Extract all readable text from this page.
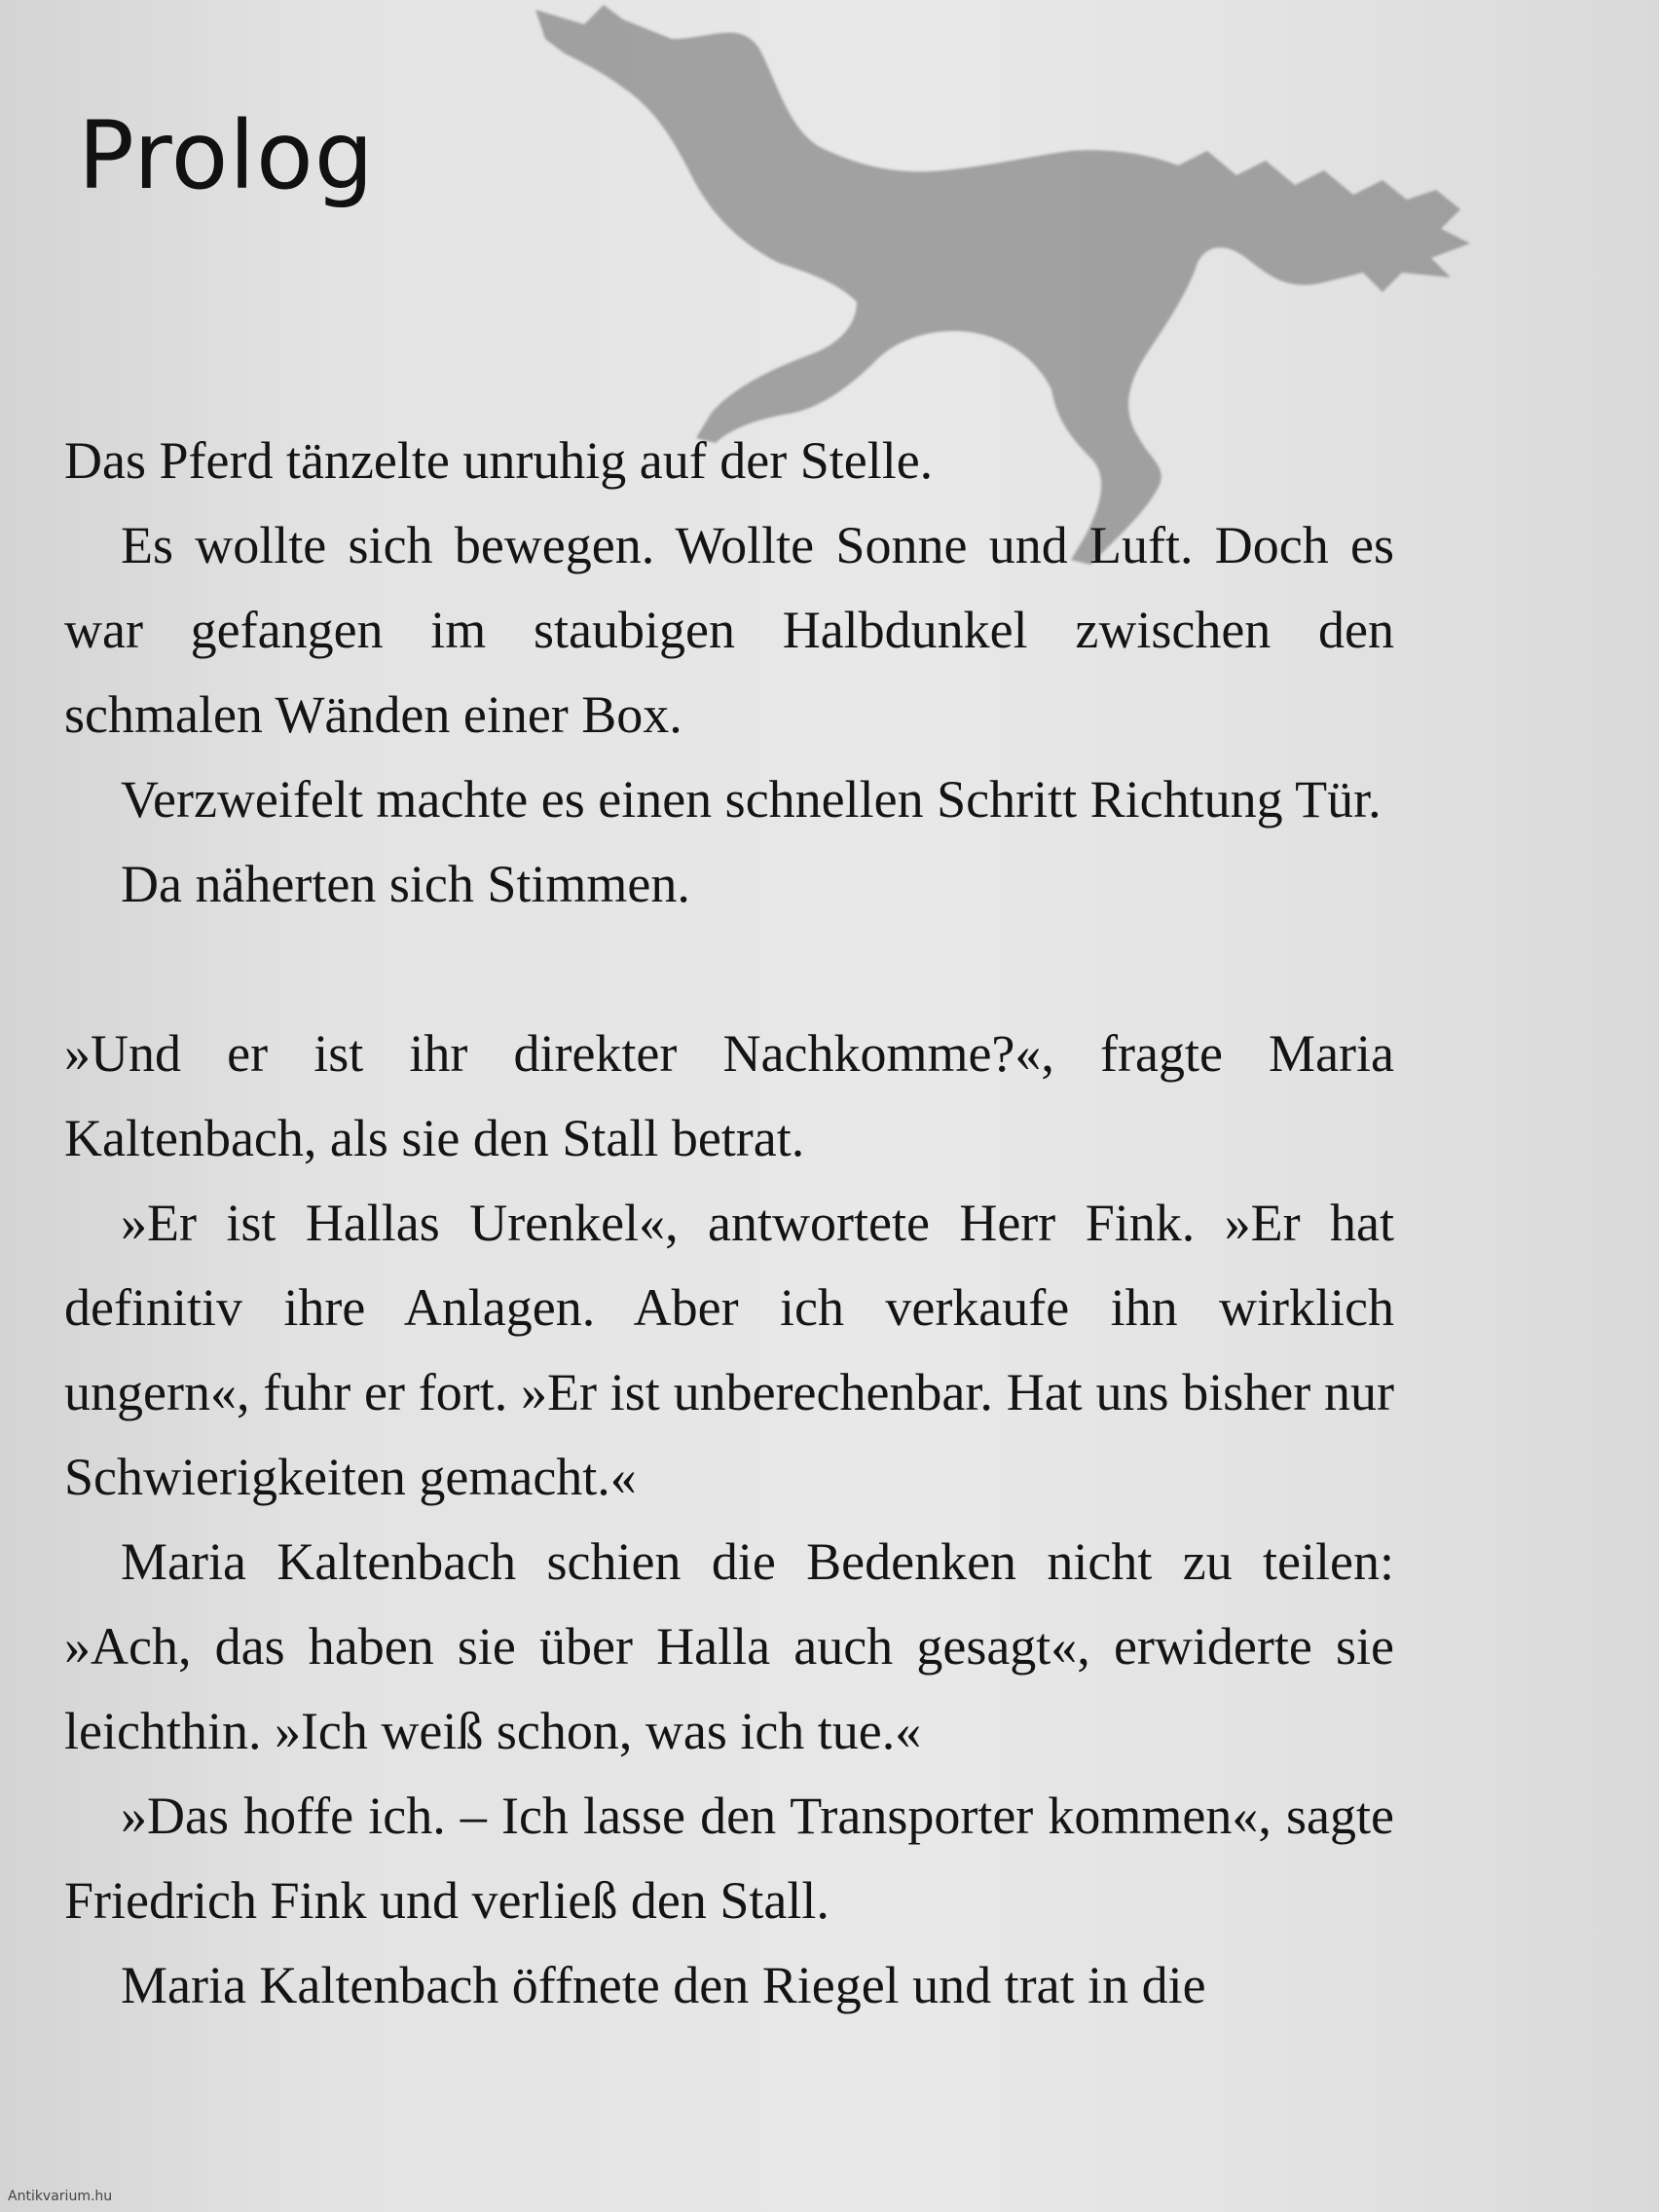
Prolog

Das Pferd tänzelte unruhig auf der Stelle.

Es wollte sich bewegen. Wollte Sonne und Luft. Doch es war gefangen im staubigen Halbdunkel zwischen den schmalen Wänden einer Box.

Verzweifelt machte es einen schnellen Schritt Richtung Tür.

Da näherten sich Stimmen.

»Und er ist ihr direkter Nachkomme?«, fragte Maria Kaltenbach, als sie den Stall betrat.

»Er ist Hallas Urenkel«, antwortete Herr Fink. »Er hat definitiv ihre Anlagen. Aber ich verkaufe ihn wirklich ungern«, fuhr er fort. »Er ist unberechenbar. Hat uns bisher nur Schwierigkeiten gemacht.«

Maria Kaltenbach schien die Bedenken nicht zu teilen: »Ach, das haben sie über Halla auch gesagt«, erwiderte sie leichthin. »Ich weiß schon, was ich tue.«

»Das hoffe ich. – Ich lasse den Transporter kommen«, sagte Friedrich Fink und verließ den Stall.

Maria Kaltenbach öffnete den Riegel und trat in die

Antikvarium.hu
